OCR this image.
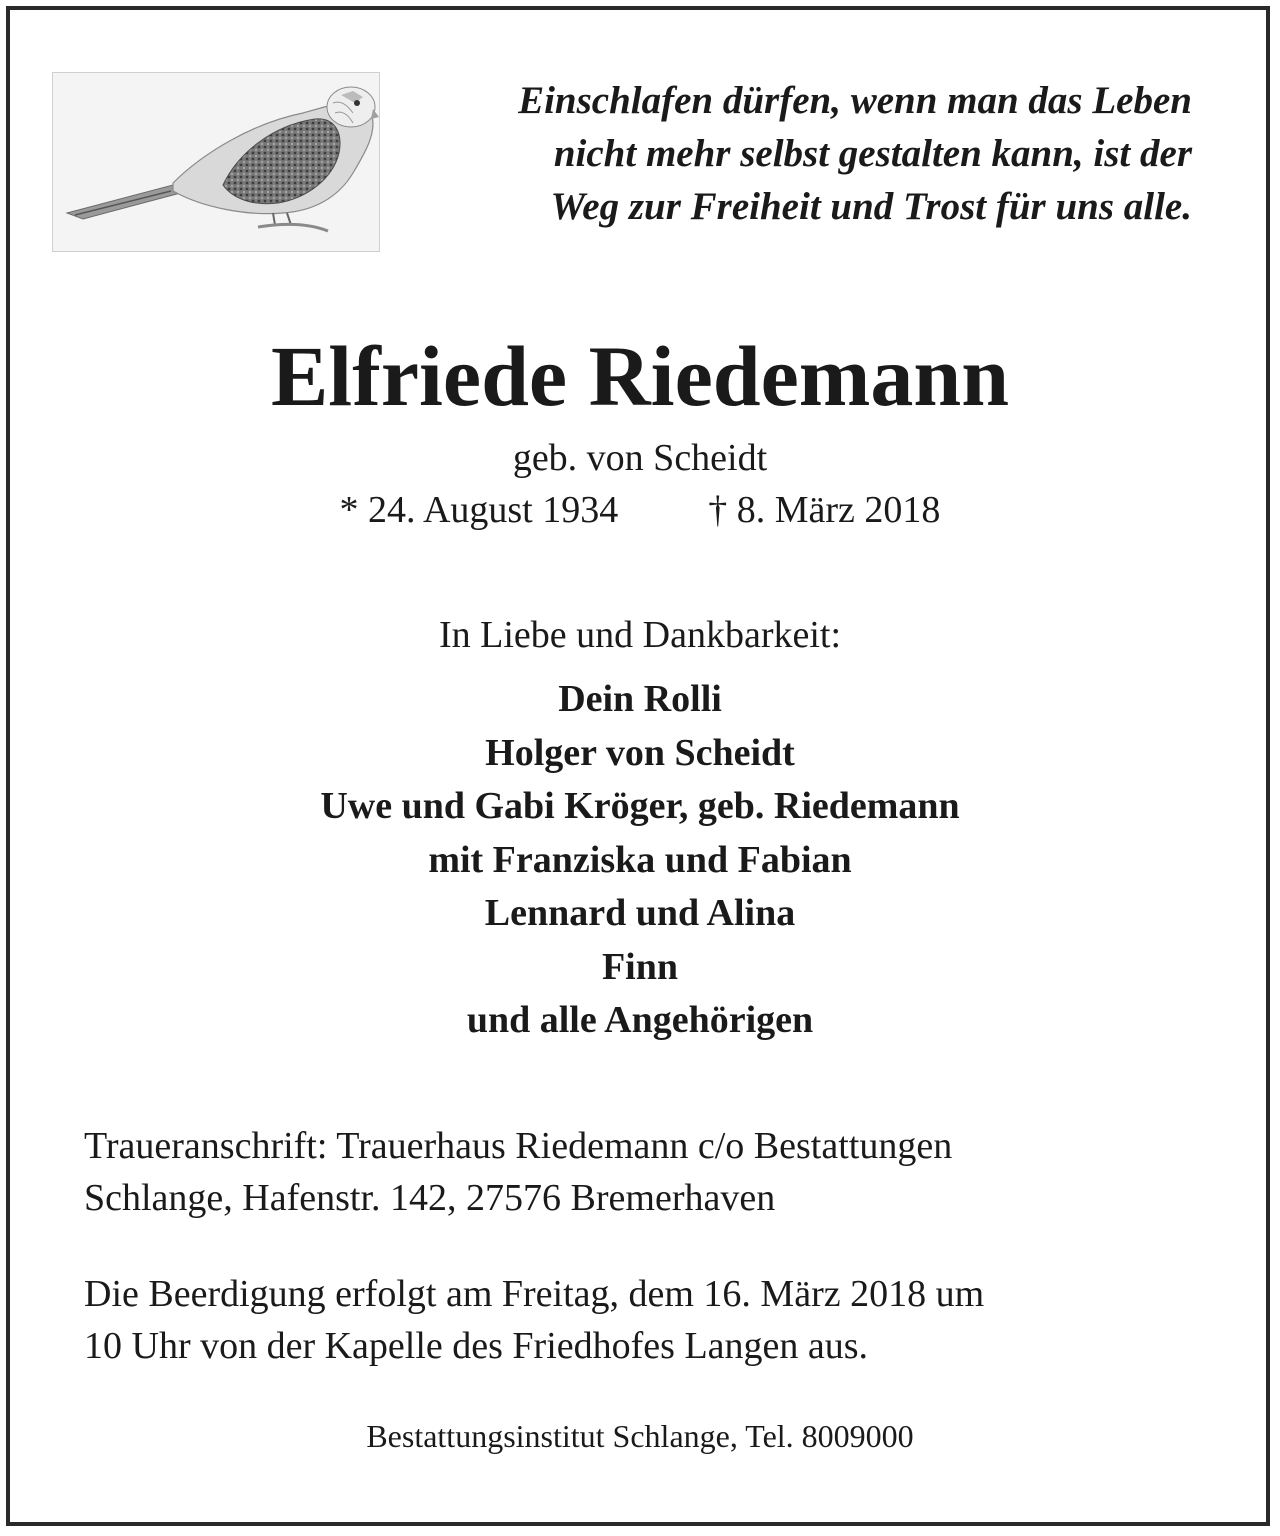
Einschlafen dürfen, wenn man das Leben
nicht mehr selbst gestalten kann, ist der
Weg zur Freiheit und Trost für uns alle.
Elfriede Riedemann
geb. von Scheidt
* 24. August 1934 † 8. März 2018
In Liebe und Dankbarkeit:
Dein Rolli
Holger von Scheidt
Uwe und Gabi Kröger, geb. Riedemann
mit Franziska und Fabian
Lennard und Alina
Finn
und alle Angehörigen
Traueranschrift: Trauerhaus Riedemann c/o Bestattungen
Schlange, Hafenstr. 142, 27576 Bremerhaven
Die Beerdigung erfolgt am Freitag, dem 16. März 2018 um
10 Uhr von der Kapelle des Friedhofes Langen aus.
Bestattungsinstitut Schlange, Tel. 8009000
